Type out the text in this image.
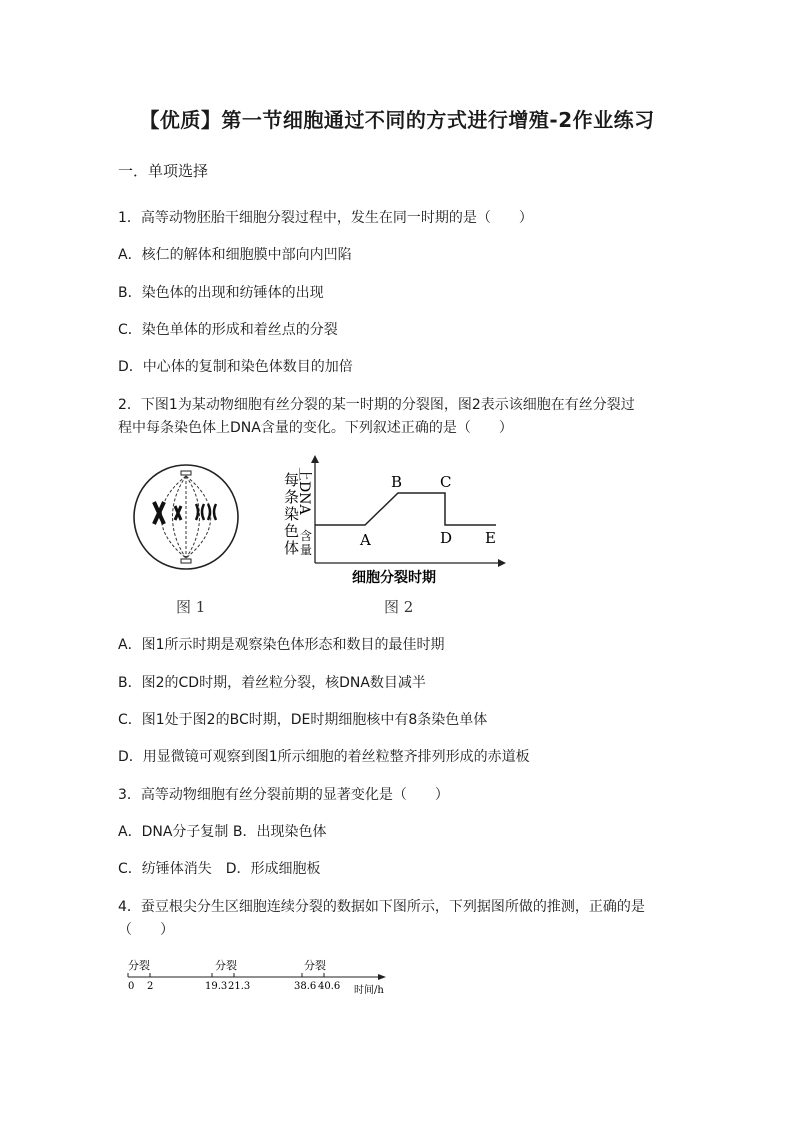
【优质】第一节细胞通过不同的方式进行增殖-2作业练习
一．单项选择
1．高等动物胚胎干细胞分裂过程中，发生在同一时期的是（　　）
A．核仁的解体和细胞膜中部向内凹陷
B．染色体的出现和纺锤体的出现
C．染色单体的形成和着丝点的分裂
D．中心体的复制和染色体数目的加倍
2．下图1为某动物细胞有丝分裂的某一时期的分裂图，图2表示该细胞在有丝分裂过
程中每条染色体上DNA含量的变化。下列叙述正确的是（　　）
图 1
每
条
染
色
体
上DNA
含
量
A
B	C
D E
细胞分裂时期
图 2
A．图1所示时期是观察染色体形态和数目的最佳时期
B．图2的CD时期，着丝粒分裂，核DNA数目减半
C．图1处于图2的BC时期，DE时期细胞核中有8条染色单体
D．用显微镜可观察到图1所示细胞的着丝粒整齐排列形成的赤道板
3．高等动物细胞有丝分裂前期的显著变化是（　　）
A．DNA分子复制 B．出现染色体
C．纺锤体消失　D．形成细胞板
4．蚕豆根尖分生区细胞连续分裂的数据如下图所示，下列据图所做的推测，正确的是
（　　）
分裂	分裂	分裂
0 2	19.3 21.3	38.6 40.6 时间/h
